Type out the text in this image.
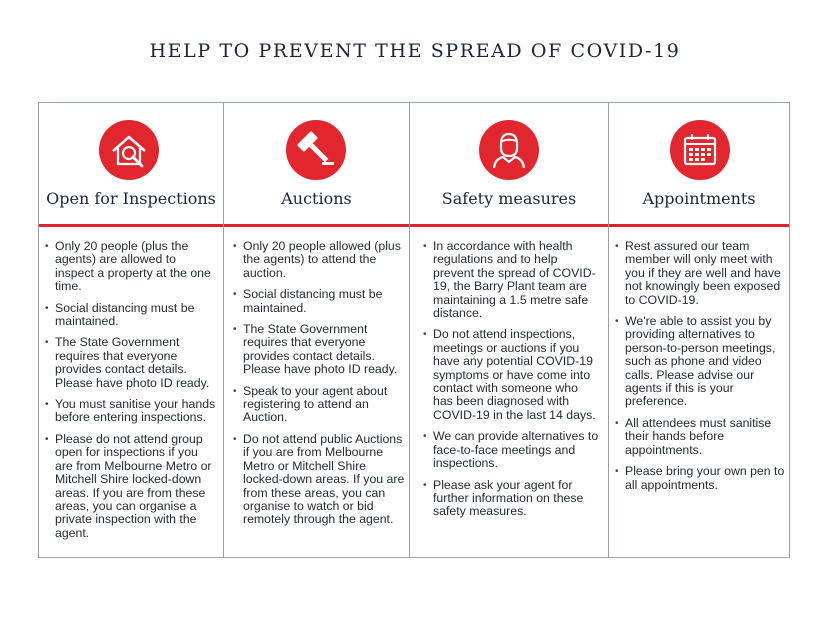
HELP TO PREVENT THE SPREAD OF COVID-19
Open for Inspections
• Only 20 people (plus the agents) are allowed to inspect a property at the one time.
• Social distancing must be maintained.
• The State Government requires that everyone provides contact details. Please have photo ID ready.
• You must sanitise your hands before entering inspections.
• Please do not attend group open for inspections if you are from Melbourne Metro or Mitchell Shire locked-down areas. If you are from these areas, you can organise a private inspection with the agent.
Auctions
• Only 20 people allowed (plus the agents) to attend the auction.
• Social distancing must be maintained.
• The State Government requires that everyone provides contact details. Please have photo ID ready.
• Speak to your agent about registering to attend an Auction.
• Do not attend public Auctions if you are from Melbourne Metro or Mitchell Shire locked-down areas. If you are from these areas, you can organise to watch or bid remotely through the agent.
Safety measures
• In accordance with health regulations and to help prevent the spread of COVID-19, the Barry Plant team are maintaining a 1.5 metre safe distance.
• Do not attend inspections, meetings or auctions if you have any potential COVID-19 symptoms or have come into contact with someone who has been diagnosed with COVID-19 in the last 14 days.
• We can provide alternatives to face-to-face meetings and inspections.
• Please ask your agent for further information on these safety measures.
Appointments
• Rest assured our team member will only meet with you if they are well and have not knowingly been exposed to COVID-19.
• We're able to assist you by providing alternatives to person-to-person meetings, such as phone and video calls. Please advise our agents if this is your preference.
• All attendees must sanitise their hands before appointments.
• Please bring your own pen to all appointments.
